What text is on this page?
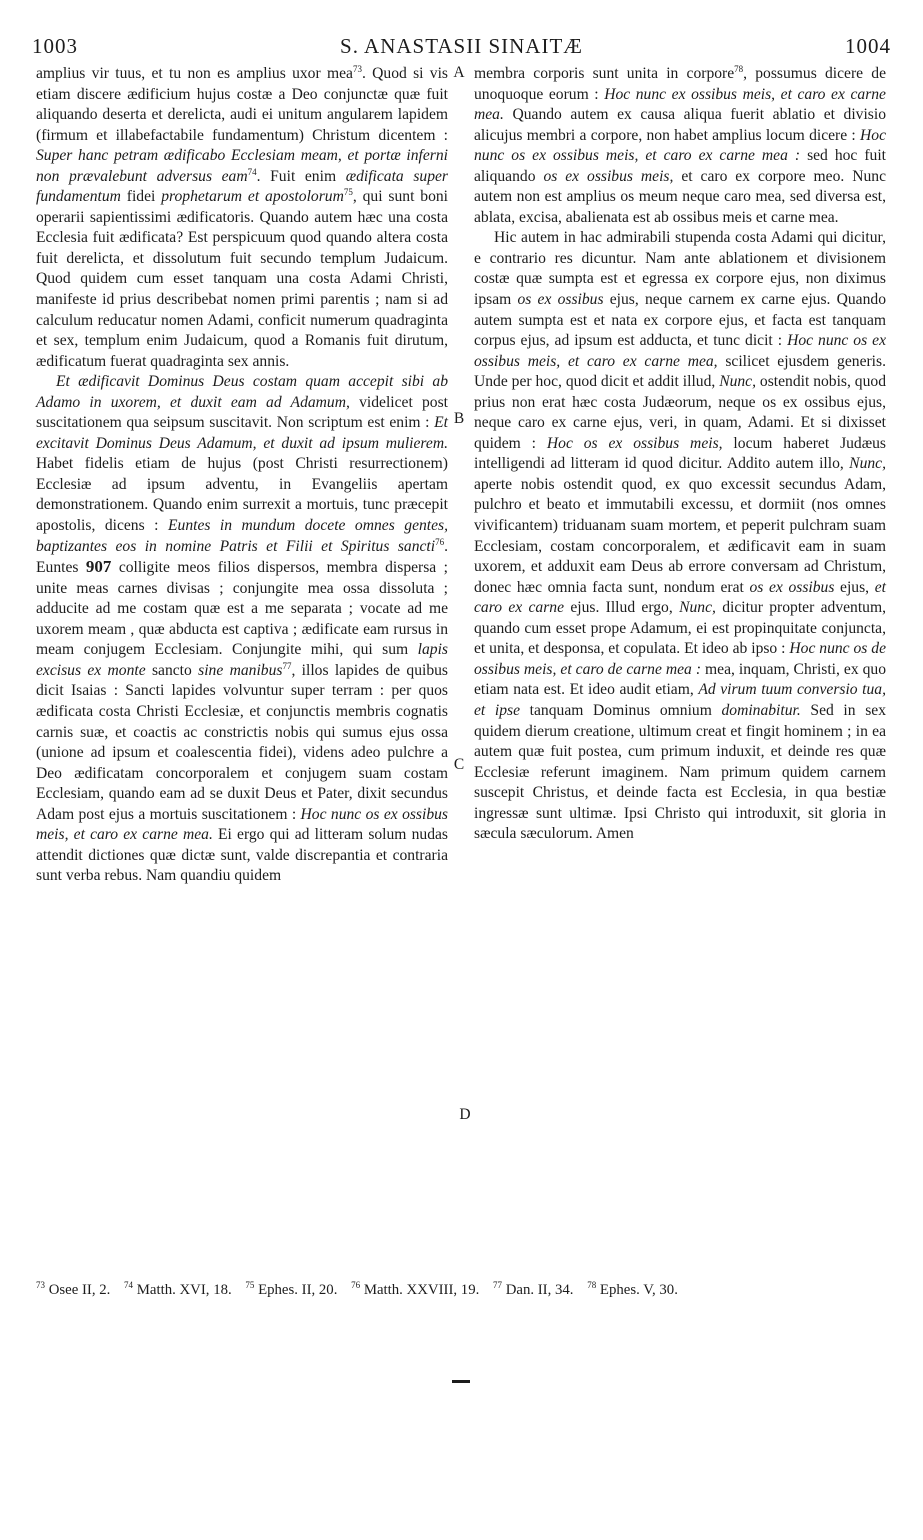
1003	S. ANASTASII SINAITÆ	1004
A
B
C
D

amplius vir tuus, et tu non es amplius uxor mea$^{73}$. Quod si vis etiam discere ædificium hujus costæ a Deo conjunctæ quæ fuit aliquando deserta et derelicta, audi ei unitum angularem lapidem (firmum et illabefactabile fundamentum) Christum dicentem : Super hanc petram ædificabo Ecclesiam meam, et portæ inferni non prævalebunt adversus eam$^{74}$. Fuit enim ædificata super fundamentum fidei prophetarum et apostolorum$^{75}$, qui sunt boni operarii sapientissimi ædificatoris. Quando autem hæc una costa Ecclesia fuit ædificata? Est perspicuum quod quando altera costa fuit derelicta, et dissolutum fuit secundo templum Judaicum. Quod quidem cum esset tanquam una costa Adami Christi, manifeste id prius describebat nomen primi parentis ; nam si ad calculum reducatur nomen Adami, conficit numerum quadraginta et sex, templum enim Judaicum, quod a Romanis fuit dirutum, ædificatum fuerat quadraginta sex annis.

Et ædificavit Dominus Deus costam quam accepit sibi ab Adamo in uxorem, et duxit eam ad Adamum, videlicet post suscitationem qua seipsum suscitavit. Non scriptum est enim : Et excitavit Dominus Deus Adamum, et duxit ad ipsum mulierem. Habet fidelis etiam de hujus (post Christi resurrectionem) Ecclesiæ ad ipsum adventu, in Evangeliis apertam demonstrationem. Quando enim surrexit a mortuis, tunc præcepit apostolis, dicens : Euntes in mundum docete omnes gentes, baptizantes eos in nomine Patris et Filii et Spiritus sancti$^{76}$. Euntes 907 colligite meos filios dispersos, membra dispersa ; unite meas carnes divisas ; conjungite mea ossa dissoluta ; adducite ad me costam quæ est a me separata ; vocate ad me uxorem meam , quæ abducta est captiva ; ædificate eam rursus in meam conjugem Ecclesiam. Conjungite mihi, qui sum lapis excisus ex monte sancto sine manibus$^{77}$, illos lapides de quibus dicit Isaias : Sancti lapides volvuntur super terram : per quos ædificata costa Christi Ecclesiæ, et conjunctis membris cognatis carnis suæ, et coactis ac constrictis nobis qui sumus ejus ossa (unione ad ipsum et coalescentia fidei), videns adeo pulchre a Deo ædificatam concorporalem et conjugem suam costam Ecclesiam, quando eam ad se duxit Deus et Pater, dixit secundus Adam post ejus a mortuis suscitationem : Hoc nunc os ex ossibus meis, et caro ex carne mea. Ei ergo qui ad litteram solum nudas attendit dictiones quæ dictæ sunt, valde discrepantia et contraria sunt verba rebus. Nam quandiu quidem

membra corporis sunt unita in corpore$^{78}$, possumus dicere de unoquoque eorum : Hoc nunc ex ossibus meis, et caro ex carne mea. Quando autem ex causa aliqua fuerit ablatio et divisio alicujus membri a corpore, non habet amplius locum dicere : Hoc nunc os ex ossibus meis, et caro ex carne mea : sed hoc fuit aliquando os ex ossibus meis, et caro ex corpore meo. Nunc autem non est amplius os meum neque caro mea, sed diversa est, ablata, excisa, abalienata est ab ossibus meis et carne mea.

Hic autem in hac admirabili stupenda costa Adami qui dicitur, e contrario res dicuntur. Nam ante ablationem et divisionem costæ quæ sumpta est et egressa ex corpore ejus, non diximus ipsam os ex ossibus ejus, neque carnem ex carne ejus. Quando autem sumpta est et nata ex corpore ejus, et facta est tanquam corpus ejus, ad ipsum est adducta, et tunc dicit : Hoc nunc os ex ossibus meis, et caro ex carne mea, scilicet ejusdem generis. Unde per hoc, quod dicit et addit illud, Nunc, ostendit nobis, quod prius non erat hæc costa Judæorum, neque os ex ossibus ejus, neque caro ex carne ejus, veri, in quam, Adami. Et si dixisset quidem : Hoc os ex ossibus meis, locum haberet Judæus intelligendi ad litteram id quod dicitur. Addito autem illo, Nunc, aperte nobis ostendit quod, ex quo excessit secundus Adam, pulchro et beato et immutabili excessu, et dormiit (nos omnes vivificantem) triduanam suam mortem, et peperit pulchram suam Ecclesiam, costam concorporalem, et ædificavit eam in suam uxorem, et adduxit eam Deus ab errore conversam ad Christum, donec hæc omnia facta sunt, nondum erat os ex ossibus ejus, et caro ex carne ejus. Illud ergo, Nunc, dicitur propter adventum, quando cum esset prope Adamum, ei est propinquitate conjuncta, et unita, et desponsa, et copulata. Et ideo ab ipso : Hoc nunc os de ossibus meis, et caro de carne mea : mea, inquam, Christi, ex quo etiam nata est. Et ideo audit etiam, Ad virum tuum conversio tua, et ipse tanquam Dominus omnium dominabitur. Sed in sex quidem dierum creatione, ultimum creat et fingit hominem ; in ea autem quæ fuit postea, cum primum induxit, et deinde res quæ Ecclesiæ referunt imaginem. Nam primum quidem carnem suscepit Christus, et deinde facta est Ecclesia, in qua bestiæ ingressæ sunt ultimæ. Ipsi Christo qui introduxit, sit gloria in sæcula sæculorum. Amen

$^{73}$ Osee II, 2. $^{74}$ Matth. XVI, 18. $^{75}$ Ephes. II, 20. $^{76}$ Matth. XXVIII, 19. $^{77}$ Dan. II, 34. $^{78}$ Ephes. V, 30.
